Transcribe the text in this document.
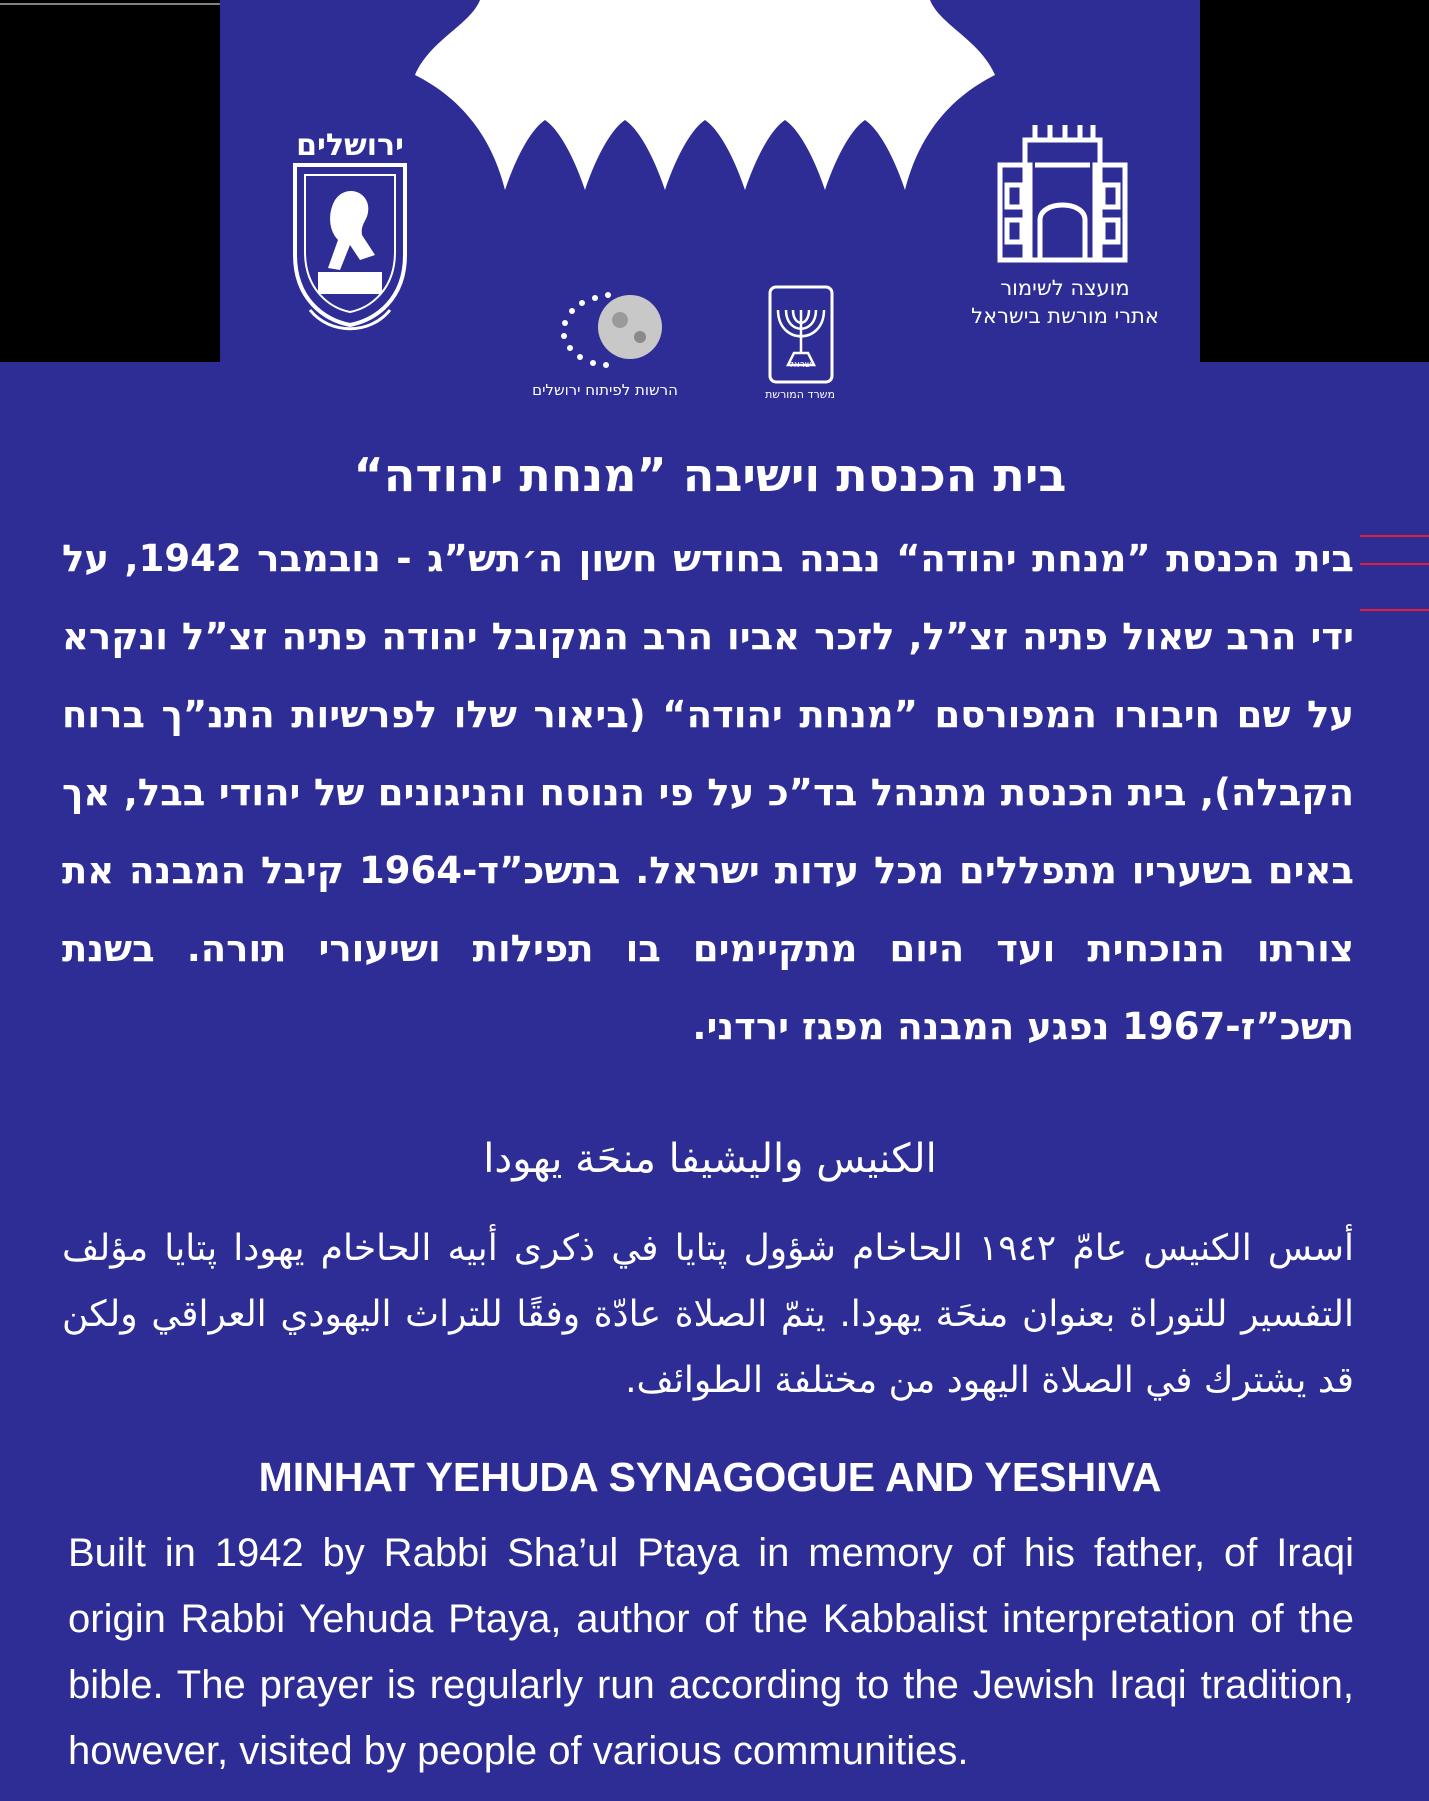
ירושלים
מועצה לשימור
אתרי מורשת בישראל
הרשות לפיתוח ירושלים	משרד המורשת
ישראל
בית הכנסת וישיבה ”מנחת יהודה“

בית הכנסת ”מנחת יהודה“ נבנה בחודש חשון ה׳תש”ג - נובמבר 1942, על ידי הרב שאול פתיה זצ”ל, לזכר אביו הרב המקובל יהודה פתיה זצ”ל ונקרא על שם חיבורו המפורסם ”מנחת יהודה“ (ביאור שלו לפרשיות התנ”ך ברוח הקבלה), בית הכנסת מתנהל בד”כ על פי הנוסח והניגונים של יהודי בבל, אך באים בשעריו מתפללים מכל עדות ישראל. בתשכ”ד-1964 קיבל המבנה את צורתו הנוכחית ועד היום מתקיימים בו תפילות ושיעורי תורה. בשנת תשכ”ז-1967 נפגע המבנה מפגז ירדני.

الكنيس واليشيفا منحَة يهودا

أسس الكنيس عامّ ١٩٤٢ الحاخام شؤول پتايا في ذكرى أبيه الحاخام يهودا پتايا مؤلف التفسير للتوراة بعنوان منحَة يهودا. يتمّ الصلاة عادّة وفقًا للتراث اليهودي العراقي ولكن قد يشترك في الصلاة اليهود من مختلفة الطوائف.

MINHAT YEHUDA SYNAGOGUE AND YESHIVA

Built in 1942 by Rabbi Sha’ul Ptaya in memory of his father, of Iraqi origin Rabbi Yehuda Ptaya, author of the Kabbalist interpretation of the bible. The prayer is regularly run according to the Jewish Iraqi tradition, however, visited by people of various communities.
